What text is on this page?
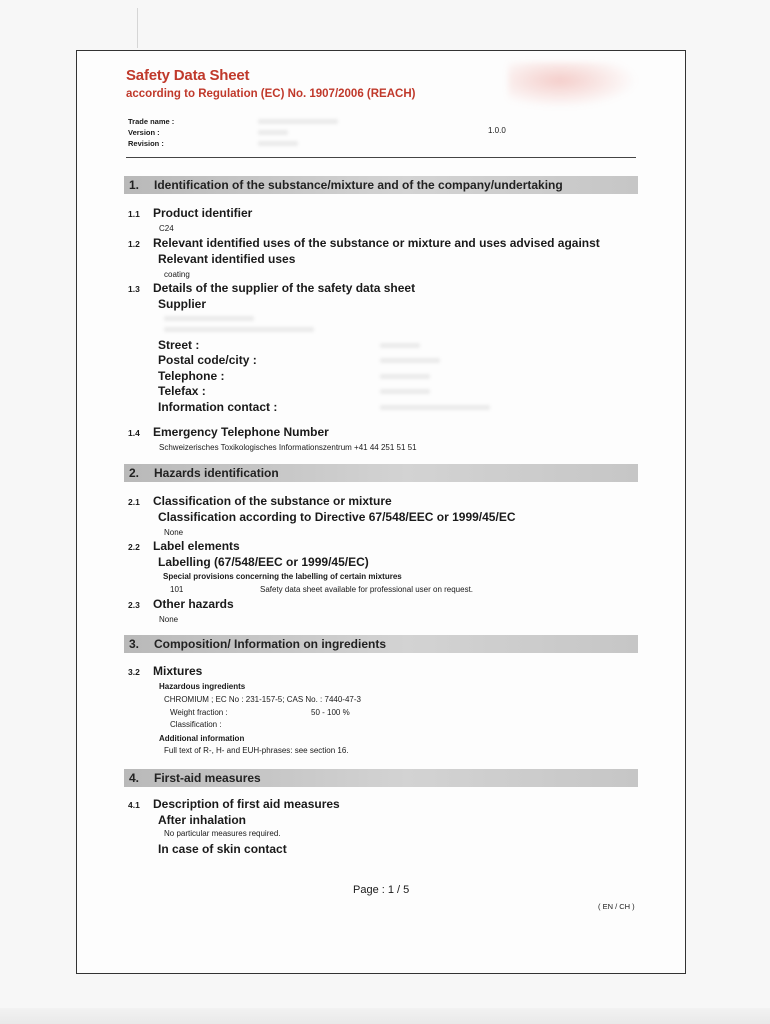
Safety Data Sheet
according to Regulation (EC) No. 1907/2006 (REACH)
Trade name :
Version :
Revision :
1.0.0
1. Identification of the substance/mixture and of the company/undertaking
1.1 Product identifier
C24
1.2 Relevant identified uses of the substance or mixture and uses advised against
Relevant identified uses
coating
1.3 Details of the supplier of the safety data sheet
Supplier
Street :
Postal code/city :
Telephone :
Telefax :
Information contact :
1.4 Emergency Telephone Number
Schweizerisches Toxikologisches Informationszentrum +41 44 251 51 51
2. Hazards identification
2.1 Classification of the substance or mixture
Classification according to Directive 67/548/EEC or 1999/45/EC
None
2.2 Label elements
Labelling (67/548/EEC or 1999/45/EC)
Special provisions concerning the labelling of certain mixtures
101	Safety data sheet available for professional user on request.
2.3 Other hazards
None
3. Composition/ Information on ingredients
3.2 Mixtures
Hazardous ingredients
CHROMIUM ; EC No : 231-157-5; CAS No. : 7440-47-3
Weight fraction :	50 - 100 %
Classification :
Additional information
Full text of R-, H- and EUH-phrases: see section 16.
4. First-aid measures
4.1 Description of first aid measures
After inhalation
No particular measures required.
In case of skin contact
Page : 1 / 5
( EN / CH )
